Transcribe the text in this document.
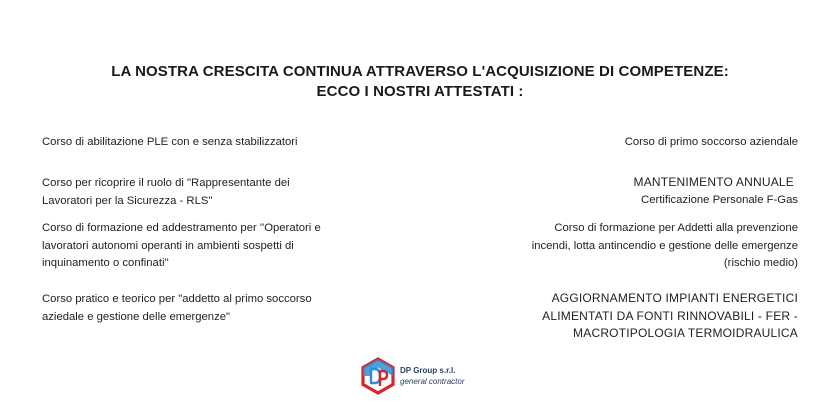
LA NOSTRA CRESCITA CONTINUA ATTRAVERSO L'ACQUISIZIONE DI COMPETENZE:
ECCO I NOSTRI ATTESTATI :
Corso di abilitazione PLE con e senza stabilizzatori
Corso per ricoprire il ruolo di "Rappresentante dei
Lavoratori per la Sicurezza - RLS"
Corso di formazione ed addestramento per ''Operatori e
lavoratori autonomi operanti in ambienti sospetti di
inquinamento o confinati''
Corso pratico e teorico per "addetto al primo soccorso
aziedale e gestione delle emergenze"
Corso di primo soccorso aziendale
MANTENIMENTO ANNUALE
Certificazione Personale F-Gas
Corso di formazione per Addetti alla prevenzione
incendi, lotta antincendio e gestione delle emergenze
(rischio medio)
AGGIORNAMENTO IMPIANTI ENERGETICI
ALIMENTATI DA FONTI RINNOVABILI - FER -
MACROTIPOLOGIA TERMOIDRAULICA
DP Group s.r.l.
general contractor
